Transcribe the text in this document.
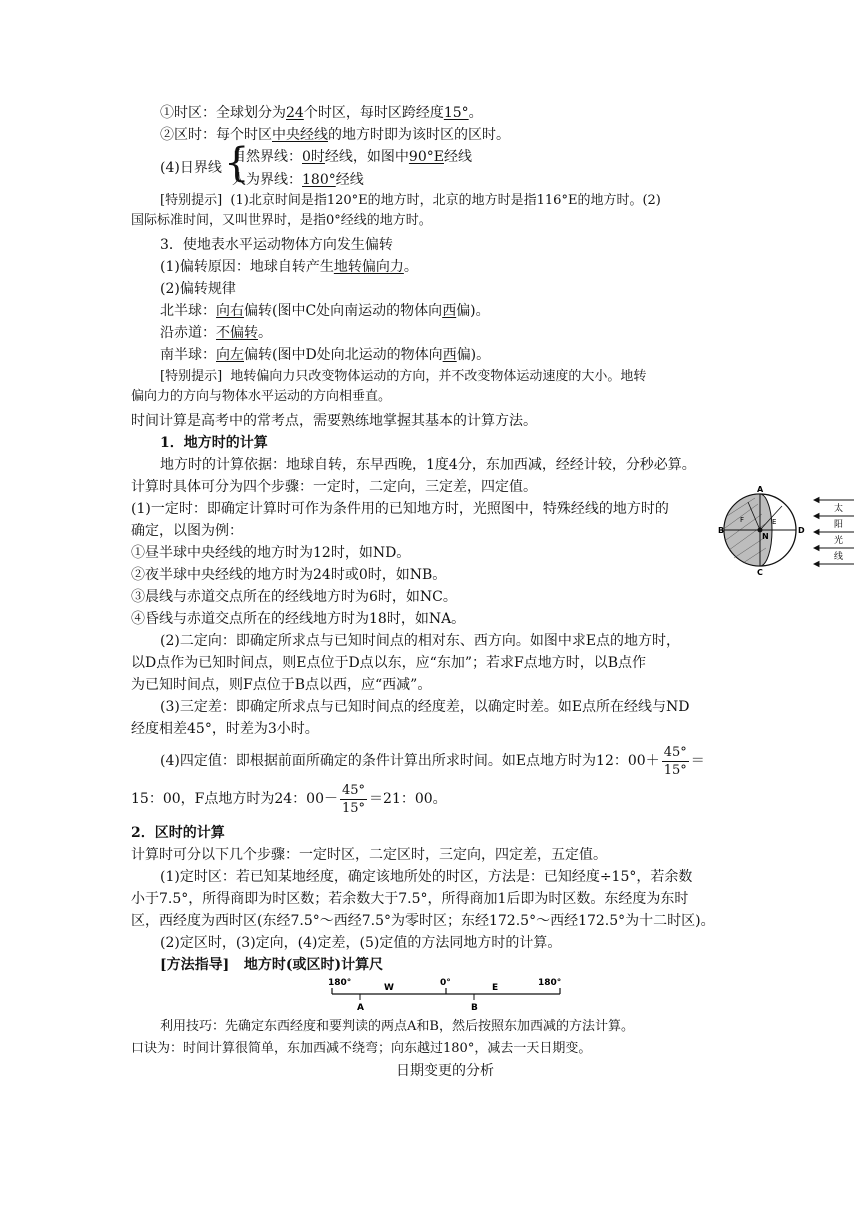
①时区：全球划分为24个时区，每时区跨经度15°。
②区时：每个时区中央经线的地方时即为该时区的区时。
(4)日界线 {
自然界线：0时经线，如图中90°E经线
人为界线：180°经线
[特别提示] (1)北京时间是指120°E的地方时，北京的地方时是指116°E的地方时。(2)
国际标准时间，又叫世界时，是指0°经线的地方时。
3．使地表水平运动物体方向发生偏转
(1)偏转原因：地球自转产生地转偏向力。
(2)偏转规律
北半球：向右偏转(图中C处向南运动的物体向西偏)。
沿赤道：不偏转。
南半球：向左偏转(图中D处向北运动的物体向西偏)。
[特别提示] 地转偏向力只改变物体运动的方向，并不改变物体运动速度的大小。地转
偏向力的方向与物体水平运动的方向相垂直。
时间计算是高考中的常考点，需要熟练地掌握其基本的计算方法。
1．地方时的计算
地方时的计算依据：地球自转，东早西晚，1度4分，东加西减，经经计较，分秒必算。
计算时具体可分为四个步骤：一定时，二定向，三定差，四定值。
(1)一定时：即确定计算时可作为条件用的已知地方时，光照图中，特殊经线的地方时的
确定，以图为例：
①昼半球中央经线的地方时为12时，如ND。
②夜半球中央经线的地方时为24时或0时，如NB。
③晨线与赤道交点所在的经线地方时为6时，如NC。
④昏线与赤道交点所在的经线地方时为18时，如NA。
A
B
C
D
N
E
F
太
阳
光
线
(2)二定向：即确定所求点与已知时间点的相对东、西方向。如图中求E点的地方时，
以D点作为已知时间点，则E点位于D点以东，应“东加”；若求F点地方时，以B点作
为已知时间点，则F点位于B点以西，应“西减”。
(3)三定差：即确定所求点与已知时间点的经度差，以确定时差。如E点所在经线与ND
经度相差45°，时差为3小时。
(4)四定值：即根据前面所确定的条件计算出所求时间。如E点地方时为12：$00+ \frac{45^\circ}{15^\circ}$ ＝
15：00，F点地方时为24：$00- \frac{45^\circ}{15^\circ} =21$：00。
2．区时的计算
计算时可分以下几个步骤：一定时区，二定区时，三定向，四定差，五定值。
(1)定时区：若已知某地经度，确定该地所处的时区，方法是：已知经度÷15°，若余数
小于7.5°，所得商即为时区数；若余数大于7.5°，所得商加1后即为时区数。东经度为东时
区，西经度为西时区(东经7.5°～西经7.5°为零时区；东经172.5°～西经172.5°为十二时区)。
(2)定区时，(3)定向，(4)定差，(5)定值的方法同地方时的计算。
[方法指导] 地方时(或区时)计算尺
180°	W	0°	E	180°
A	B
利用技巧：先确定东西经度和要判读的两点A和B，然后按照东加西减的方法计算。
口诀为：时间计算很简单，东加西减不绕弯；向东越过180°，减去一天日期变。
日期变更的分析
